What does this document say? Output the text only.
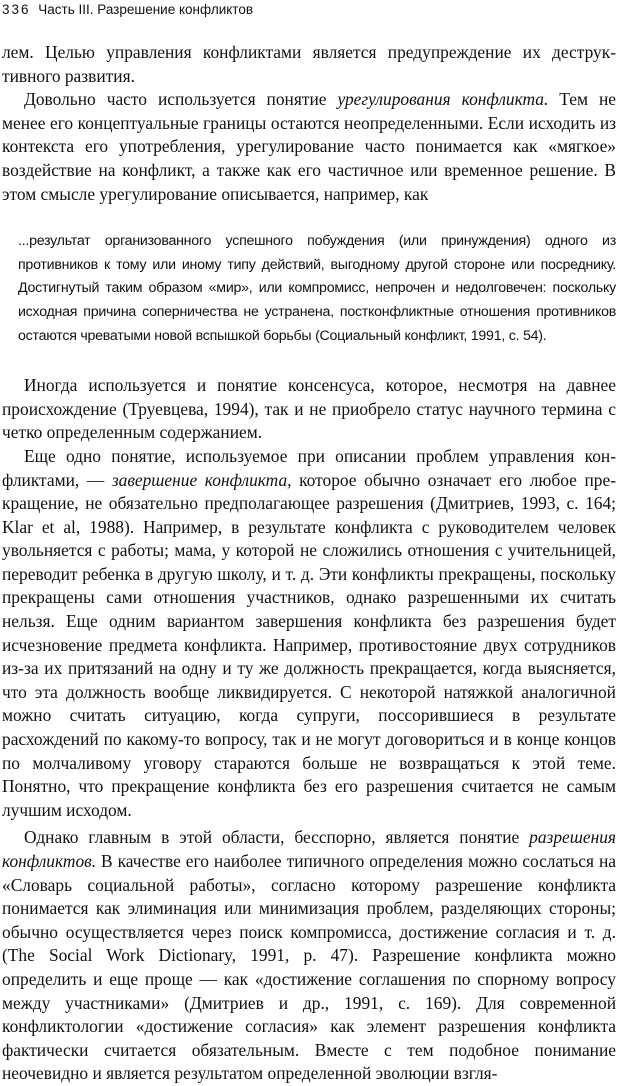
336 Часть III. Разрешение конфликтов

лем. Целью управления конфликтами является предупреждение их деструктивного развития.

Довольно часто используется понятие урегулирования конфликта. Тем не менее его концептуальные границы остаются неопределенными. Если исходить из контекста его употребления, урегулирование часто понимается как «мягкое» воздействие на конфликт, а также как его частичное или временное решение. В этом смысле урегулирование описывается, например, как

...результат организованного успешного побуждения (или принуждения) одного из противников к тому или иному типу действий, выгодному другой стороне или посреднику. Достигнутый таким образом «мир», или компромисс, непрочен и недолговечен: поскольку исходная причина соперничества не устранена, постконфликтные отношения противников остаются чреватыми новой вспышкой борьбы (Социальный конфликт, 1991, с. 54).

Иногда используется и понятие консенсуса, которое, несмотря на давнее происхождение (Труевцева, 1994), так и не приобрело статус научного термина с четко определенным содержанием.

Еще одно понятие, используемое при описании проблем управления конфликтами, — завершение конфликта, которое обычно означает его любое прекращение, не обязательно предполагающее разрешения (Дмитриев, 1993, с. 164; Klar et al, 1988). Например, в результате конфликта с руководителем человек увольняется с работы; мама, у которой не сложились отношения с учительницей, переводит ребенка в другую школу, и т. д. Эти конфликты прекращены, поскольку прекращены сами отношения участников, однако разрешенными их считать нельзя. Еще одним вариантом завершения конфликта без разрешения будет исчезновение предмета конфликта. Например, противостояние двух сотрудников из-за их притязаний на одну и ту же должность прекращается, когда выясняется, что эта должность вообще ликвидируется. С некоторой натяжкой аналогичной можно считать ситуацию, когда супруги, поссорившиеся в результате расхождений по какому-то вопросу, так и не могут договориться и в конце концов по молчаливому уговору стараются больше не возвращаться к этой теме. Понятно, что прекращение конфликта без его разрешения считается не самым лучшим исходом.

Однако главным в этой области, бесспорно, является понятие разрешения конфликтов. В качестве его наиболее типичного определения можно сослаться на «Словарь социальной работы», согласно которому разрешение конфликта понимается как элиминация или минимизация проблем, разделяющих стороны; обычно осуществляется через поиск компромисса, достижение согласия и т. д. (The Social Work Dictionary, 1991, p. 47). Разрешение конфликта можно определить и еще проще — как «достижение соглашения по спорному вопросу между участниками» (Дмитриев и др., 1991, с. 169). Для современной конфликтологии «достижение согласия» как элемент разрешения конфликта фактически считается обязательным. Вместе с тем подобное понимание неочевидно и является результатом определенной эволюции взгля-
